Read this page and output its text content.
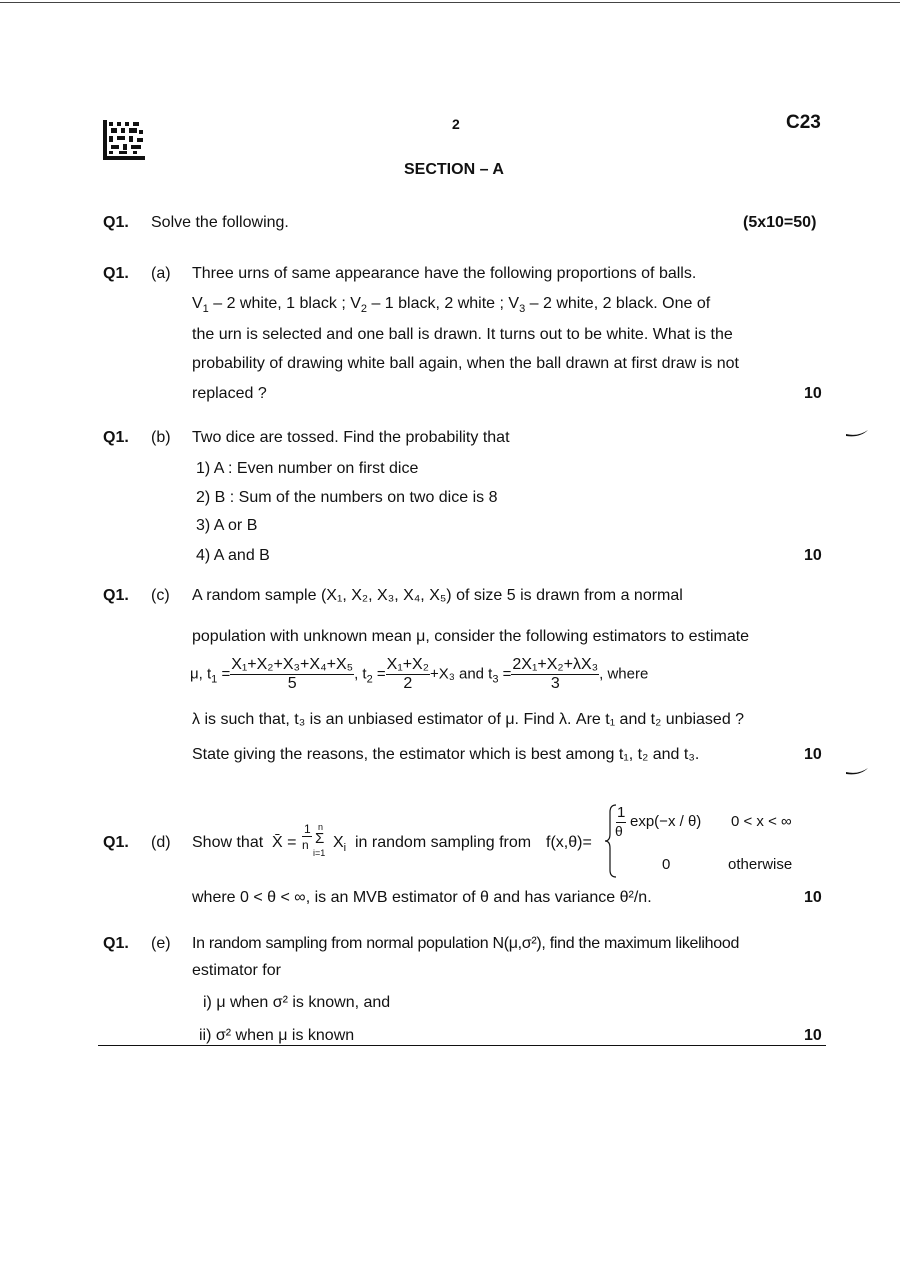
2	C23
SECTION – A
Q1. Solve the following.	(5x10=50)
Q1. (a) Three urns of same appearance have the following proportions of balls.
$V_1 - 2$ white, 1 black ; $V_2 - 1$ black, 2 white ; $V_3 - 2$ white, 2 black. One of
the urn is selected and one ball is drawn. It turns out to be white. What is the
probability of drawing white ball again, when the ball drawn at first draw is not
replaced ?	10
Q1. (b) Two dice are tossed. Find the probability that
1) A : Even number on first dice
2) B : Sum of the numbers on two dice is 8
3) A or B
4) A and B	10
Q1. (c) A random sample (X₁, X₂, X₃, X₄, X₅) of size 5 is drawn from a normal
population with unknown mean μ, consider the following estimators to estimate
μ, $t_1 = \frac{\text{X₁+X₂+X₃+X₄+X₅}}{5}$ , $t_2 = \frac{\text{X₁+X₂}}{2} +X_3$ and $t_3 = \frac{\text{2X₁+X₂+λX₃}}{3}$ , where
λ is such that, t₃ is an unbiased estimator of μ. Find λ. Are t₁ and t₂ unbiased ?
State giving the reasons, the estimator which is best among t₁, t₂ and t₃.	10
Q1. (d) Show that X̄ =
1
n
n
Σ
i=1
$X_i$ in random sampling from f(x,θ)=
1
θ
exp(−x / θ) 0 < x < ∞
0	otherwise
where 0 < θ < ∞, is an MVB estimator of θ and has variance θ²/n.	10
Q1. (e) In random sampling from normal population N(μ,σ²), find the maximum likelihood
estimator for
i) μ when σ² is known, and
ii) σ² when μ is known	10
